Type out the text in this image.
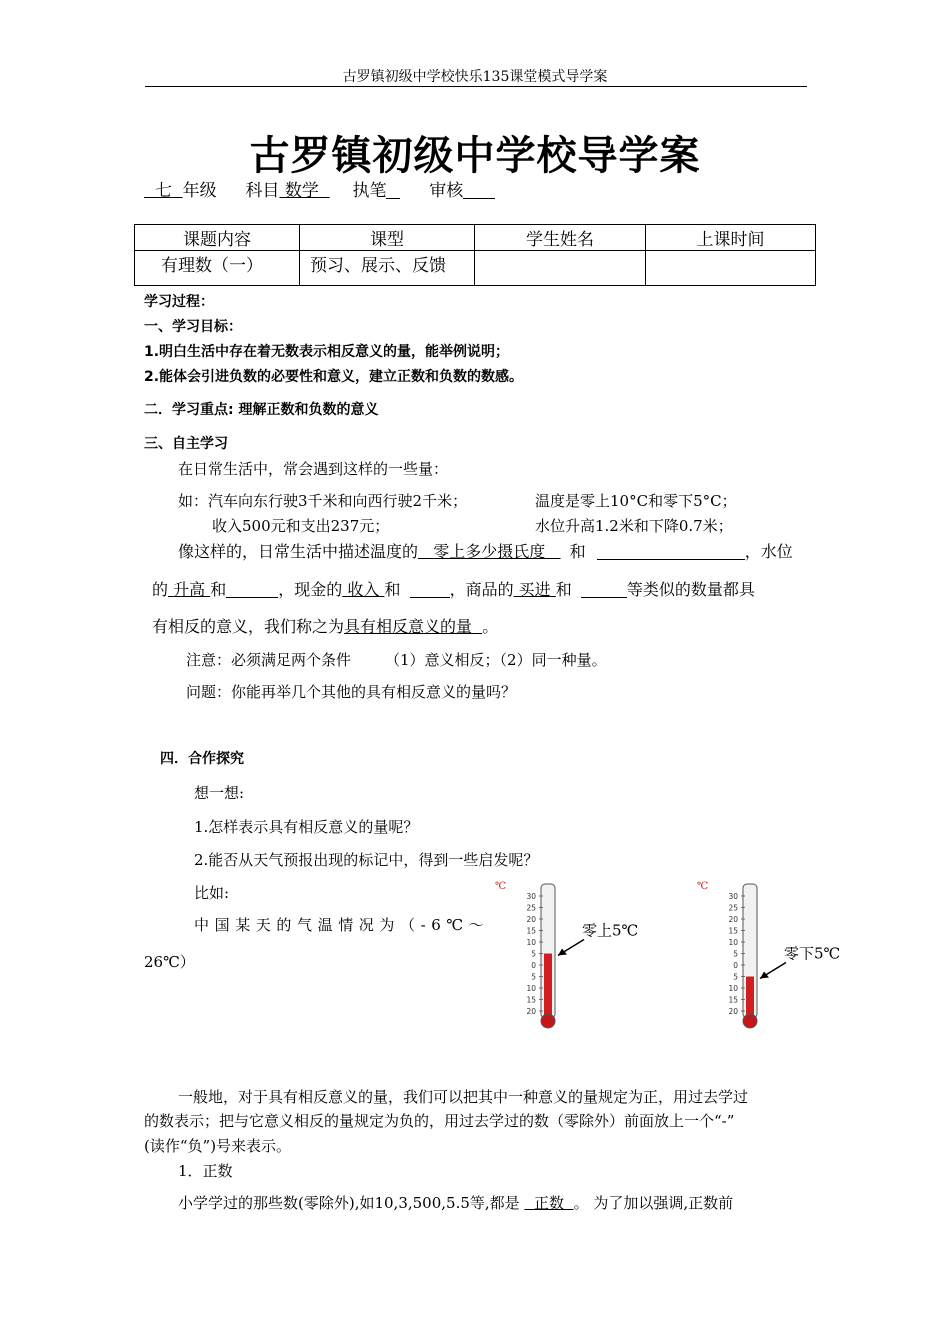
古罗镇初级中学校快乐135课堂模式导学案
古罗镇初级中学校导学案
七 年级 科目 数学 执笔	审核
课题内容	课型	学生姓名	上课时间
有理数（一）	预习、展示、反馈		
学习过程：
一、学习目标：
1.明白生活中存在着无数表示相反意义的量，能举例说明；
2.能体会引进负数的必要性和意义，建立正数和负数的数感。
二．学习重点: 理解正数和负数的意义
三、自主学习
在日常生活中，常会遇到这样的一些量：
如：汽车向东行驶3千米和向西行驶2千米；	温度是零上10°C和零下5°C；
收入500元和支出237元；	水位升高1.2米和下降0.7米；
像这样的，日常生活中描述温度的 零上多少摄氏度 和	，水位
的 升高 和	，现金的 收入 和	，商品的 买进 和	等类似的数量都具
有相反的意义，我们称之为具有相反意义的量 。
注意：必须满足两个条件 （1）意义相反；（2）同一种量。
问题：你能再举几个其他的具有相反意义的量吗？
四．合作探究
想一想:
1.怎样表示具有相反意义的量呢？
2.能否从天气预报出现的标记中，得到一些启发呢？
比如:
中国某天的气温情况为（-6℃～
26℃）
℃
30
25
20
15
10
5
0
5
10
15
20
零上5℃
℃
30
25
20
15
10
5
0
5
10
15
20
零下5℃
一般地，对于具有相反意义的量，我们可以把其中一种意义的量规定为正，用过去学过
的数表示；把与它意义相反的量规定为负的，用过去学过的数（零除外）前面放上一个“-”
(读作“负”)号来表示。
1．正数
小学学过的那些数(零除外),如10,3,500,5.5等,都是 正数 。 为了加以强调,正数前
